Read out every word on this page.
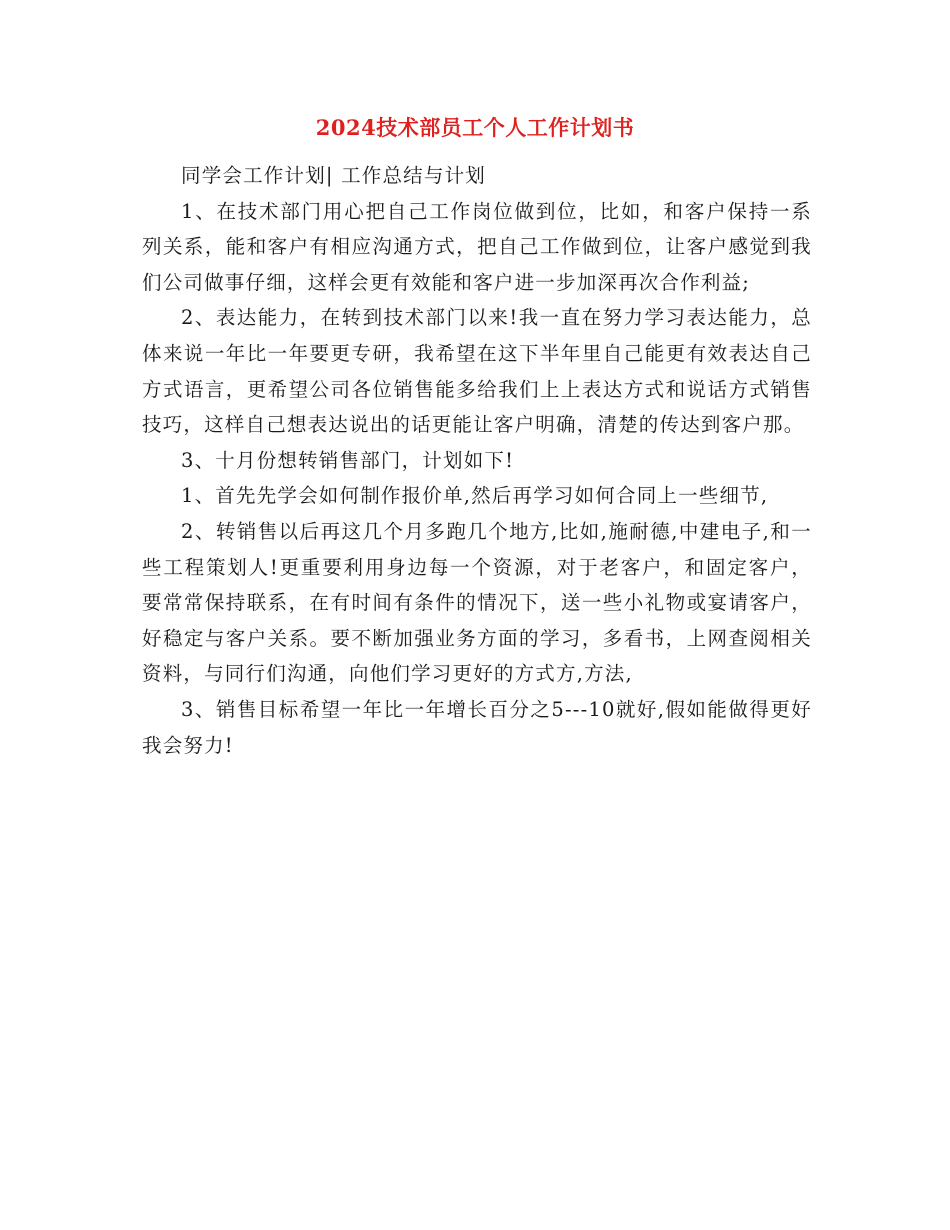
2024技术部员工个人工作计划书

同学会工作计划| 工作总结与计划

1、在技术部门用心把自己工作岗位做到位，比如，和客户保持一系列关系，能和客户有相应沟通方式，把自己工作做到位，让客户感觉到我们公司做事仔细，这样会更有效能和客户进一步加深再次合作利益;

2、表达能力，在转到技术部门以来!我一直在努力学习表达能力，总体来说一年比一年要更专研，我希望在这下半年里自己能更有效表达自己方式语言，更希望公司各位销售能多给我们上上表达方式和说话方式销售技巧，这样自己想表达说出的话更能让客户明确，清楚的传达到客户那。

3、十月份想转销售部门，计划如下!

1、首先先学会如何制作报价单,然后再学习如何合同上一些细节,

2、转销售以后再这几个月多跑几个地方,比如,施耐德,中建电子,和一些工程策划人!更重要利用身边每一个资源，对于老客户，和固定客户，要常常保持联系，在有时间有条件的情况下，送一些小礼物或宴请客户，好稳定与客户关系。要不断加强业务方面的学习，多看书，上网查阅相关资料，与同行们沟通，向他们学习更好的方式方,方法,

3、销售目标希望一年比一年增长百分之5---10就好,假如能做得更好我会努力!
